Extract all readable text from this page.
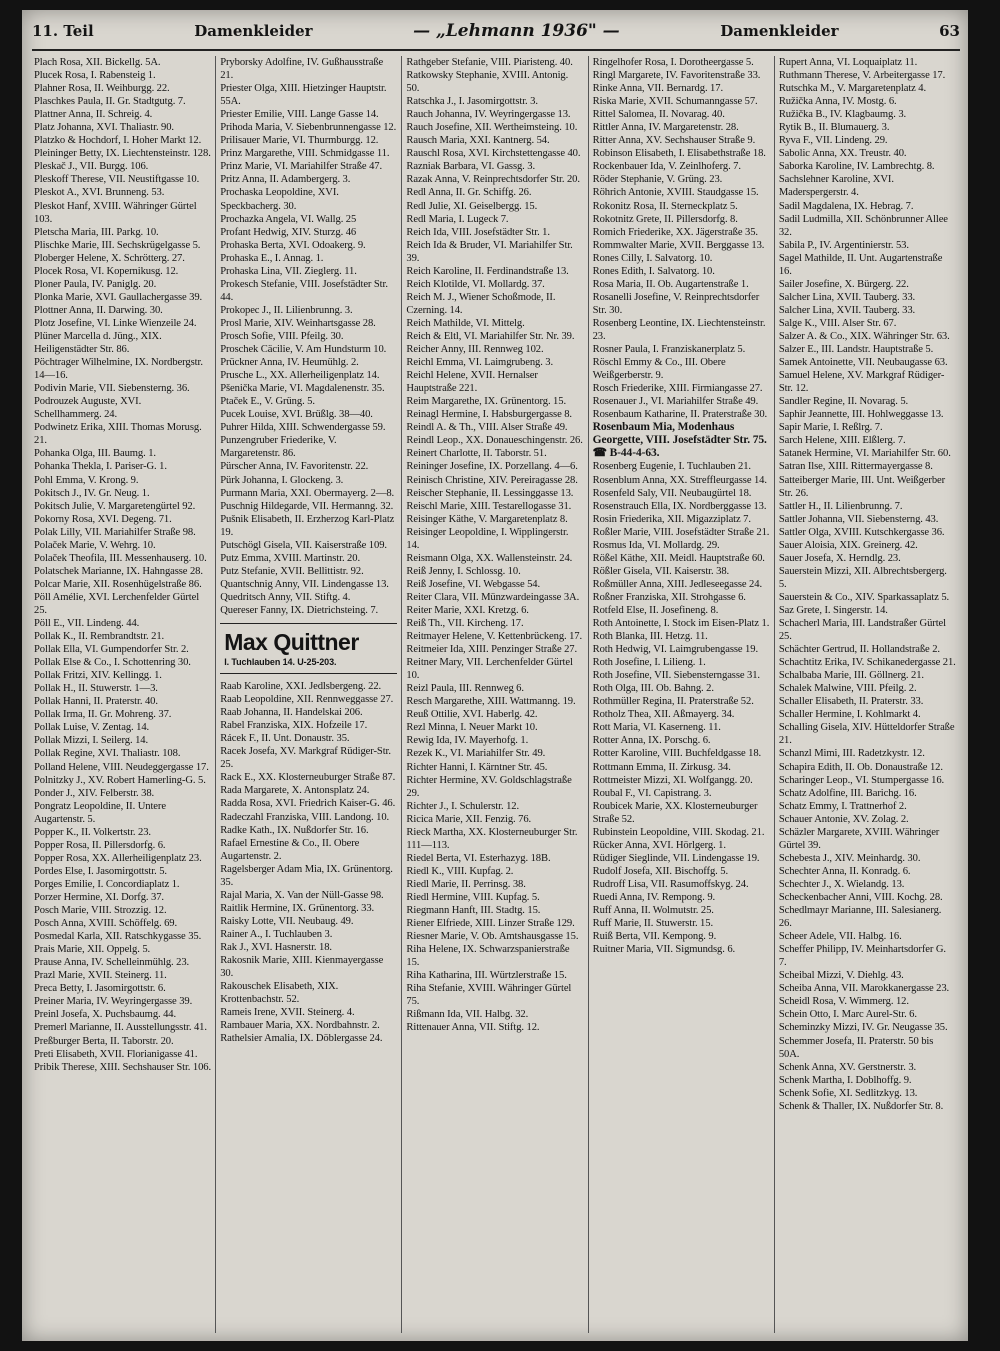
11. Teil	Damenkleider	— „Lehmann 1936" —	Damenkleider	63
Plach Rosa, XII. Bickellg. 5A.
Plucek Rosa, I. Rabensteig 1.
Plahner Rosa, II. Weihburgg. 22.
Plaschkes Paula, II. Gr. Stadtgutg. 7.
Plattner Anna, II. Schreig. 4.
Platz Johanna, XVI. Thaliastr. 90.
Platzko & Hochdorf, I. Hoher Markt 12.
Pleininger Betty, IX. Liechtensteinstr. 128.
Pleskač J., VII. Burgg. 106.
Pleskoff Therese, VII. Neustiftgasse 10.
Pleskot A., XVI. Brunneng. 53.
Pleskot Hanf, XVIII. Währinger Gürtel 103.
Pletscha Maria, III. Parkg. 10.
Plischke Marie, III. Sechskrügelgasse 5.
Ploberger Helene, X. Schrötterg. 27.
Plocek Rosa, VI. Kopernikusg. 12.
Ploner Paula, IV. Paniglg. 20.
Plonka Marie, XVI. Gaullachergasse 39.
Plottner Anna, II. Darwing. 30.
Plotz Josefine, VI. Linke Wienzeile 24.
Plüner Marcella d. Jüng., XIX. Heiligenstädter Str. 86.
Pöchtrager Wilhelmine, IX. Nordbergstr. 14—16.
Podivin Marie, VII. Siebensterng. 36.
Podrouzek Auguste, XVI. Schellhammerg. 24.
Podwinetz Erika, XIII. Thomas Morusg. 21.
Pohanka Olga, III. Baumg. 1.
Pohanka Thekla, I. Pariser-G. 1.
Pohl Emma, V. Krong. 9.
Pokitsch J., IV. Gr. Neug. 1.
Pokitsch Julie, V. Margaretengürtel 92.
Pokorny Rosa, XVI. Degeng. 71.
Polak Lilly, VII. Mariahilfer Straße 98.
Polaček Marie, V. Wehrg. 10.
Polaček Theofila, III. Messenhauserg. 10.
Polatschek Marianne, IX. Hahngasse 28.
Polcar Marie, XII. Rosenhügelstraße 86.
Pöll Amélie, XVI. Lerchenfelder Gürtel 25.
Pöll E., VII. Lindeng. 44.
Pollak K., II. Rembrandtstr. 21.
Pollak Ella, VI. Gumpendorfer Str. 2.
Pollak Else & Co., I. Schottenring 30.
Pollak Fritzi, XIV. Kellingg. 1.
Pollak H., II. Stuwerstr. 1—3.
Pollak Hanni, II. Praterstr. 40.
Pollak Irma, II. Gr. Mohreng. 37.
Pollak Luise, V. Zentag. 14.
Pollak Mizzi, I. Seilerg. 14.
Pollak Regine, XVI. Thaliastr. 108.
Polland Helene, VIII. Neudeggergasse 17.
Polnitzky J., XV. Robert Hamerling-G. 5.
Ponder J., XIV. Felberstr. 38.
Pongratz Leopoldine, II. Untere Augartenstr. 5.
Popper K., II. Volkertstr. 23.
Popper Rosa, II. Pillersdorfg. 6.
Popper Rosa, XX. Allerheiligenplatz 23.
Pordes Else, I. Jasomirgottstr. 5.
Porges Emilie, I. Concordiaplatz 1.
Porzer Hermine, XI. Dorfg. 37.
Posch Marie, VIII. Strozzig. 12.
Posch Anna, XVIII. Schöffelg. 69.
Posmedal Karla, XII. Ratschkygasse 35.
Prais Marie, XII. Oppelg. 5.
Prause Anna, IV. Schelleinmühlg. 23.
Prazl Marie, XVII. Steinerg. 11.
Preca Betty, I. Jasomirgottstr. 6.
Preiner Maria, IV. Weyringergasse 39.
Preinl Josefa, X. Puchsbaumg. 44.
Premerl Marianne, II. Ausstellungsstr. 41.
Preßburger Berta, II. Taborstr. 20.
Preti Elisabeth, XVII. Florianigasse 41.
Pribik Therese, XIII. Sechshauser Str. 106.
Pryborsky Adolfine, IV. Gußhausstraße 21.
Priester Olga, XIII. Hietzinger Hauptstr. 55A.
Priester Emilie, VIII. Lange Gasse 14.
Prihoda Maria, V. Siebenbrunnengasse 12.
Prilisauer Marie, VI. Thurmburgg. 12.
Prinz Margarethe, VIII. Schmidgasse 11.
Prinz Marie, VI. Mariahilfer Straße 47.
Pritz Anna, II. Adambergerg. 3.
Prochaska Leopoldine, XVI. Speckbacherg. 30.
Prochazka Angela, VI. Wallg. 25
Profant Hedwig, XIV. Sturzg. 46
Prohaska Berta, XVI. Odoakerg. 9.
Prohaska E., I. Annag. 1.
Prohaska Lina, VII. Zieglerg. 11.
Prokesch Stefanie, VIII. Josefstädter Str. 44.
Prokopec J., II. Lilienbrunng. 3.
Prosl Marie, XIV. Weinhartsgasse 28.
Prosch Sofie, VIII. Pfeilg. 30.
Proschek Cäcilie, V. Am Hundsturm 10.
Prückner Anna, IV. Heumühlg. 2.
Prusche L., XX. Allerheiligenplatz 14.
Pšenička Marie, VI. Magdalenenstr. 35.
Ptaček E., V. Grüng. 5.
Pucek Louise, XVI. Brüßlg. 38—40.
Puhrer Hilda, XIII. Schwendergasse 59.
Punzengruber Friederike, V. Margaretenstr. 86.
Pürscher Anna, IV. Favoritenstr. 22.
Pürk Johanna, I. Glockeng. 3.
Purmann Maria, XXI. Obermayerg. 2—8.
Puschnig Hildegarde, VII. Hermanng. 32.
Pušnik Elisabeth, II. Erzherzog Karl-Platz 19.
Putschögl Gisela, VII. Kaiserstraße 109.
Putz Emma, XVIII. Martinstr. 20.
Putz Stefanie, XVII. Bellittistr. 92.
Quantschnig Anny, VII. Lindengasse 13.
Quedritsch Anny, VII. Stiftg. 4.
Quereser Fanny, IX. Dietrichsteing. 7.
Max Quittner
I. Tuchlauben 14. U-25-203.
Raab Karoline, XXI. Jedlsbergeng. 22.
Raab Leopoldine, XII. Rennweggasse 27.
Raab Johanna, II. Handelskai 206.
Rabel Franziska, XIX. Hofzeile 17.
Rácek F., II. Unt. Donaustr. 35.
Racek Josefa, XV. Markgraf Rüdiger-Str. 25.
Rack E., XX. Klosterneuburger Straße 87.
Rada Margarete, X. Antonsplatz 24.
Radda Rosa, XVI. Friedrich Kaiser-G. 46.
Radeczahl Franziska, VIII. Landong. 10.
Radke Kath., IX. Nußdorfer Str. 16.
Rafael Ernestine & Co., II. Obere Augartenstr. 2.
Ragelsberger Adam Mia, IX. Grünentorg. 35.
Rajal Maria, X. Van der Nüll-Gasse 98.
Raitlik Hermine, IX. Grünentorg. 33.
Raisky Lotte, VII. Neubaug. 49.
Rainer A., I. Tuchlauben 3.
Rak J., XVI. Hasnerstr. 18.
Rakosnik Marie, XIII. Kienmayergasse 30.
Rakouschek Elisabeth, XIX. Krottenbachstr. 52.
Rameis Irene, XVII. Steinerg. 4.
Rambauer Maria, XX. Nordbahnstr. 2.
Rathelsier Amalia, IX. Döblergasse 24.
Rathgeber Stefanie, VIII. Piaristeng. 40.
Ratkowsky Stephanie, XVIII. Antonig. 50.
Ratschka J., I. Jasomirgottstr. 3.
Rauch Johanna, IV. Weyringergasse 13.
Rauch Josefine, XII. Wertheimsteing. 10.
Rausch Maria, XXI. Kantnerg. 54.
Rauschl Rosa, XVI. Kirchstettengasse 40.
Razniak Barbara, VI. Gassg. 3.
Razak Anna, V. Reinprechtsdorfer Str. 20.
Redl Anna, II. Gr. Schiffg. 26.
Redl Julie, XI. Geiselbergg. 15.
Redl Maria, I. Lugeck 7.
Reich Ida, VIII. Josefstädter Str. 1.
Reich Ida & Bruder, VI. Mariahilfer Str. 39.
Reich Karoline, II. Ferdinandstraße 13.
Reich Klotilde, VI. Mollardg. 37.
Reich M. J., Wiener Schoßmode, II. Czerning. 14.
Reich Mathilde, VI. Mittelg.
Reich & Eltl, VI. Mariahilfer Str. Nr. 39.
Reicher Anny, III. Rennweg 102.
Reichl Emma, VI. Laimgrubeng. 3.
Reichl Helene, XVII. Hernalser Hauptstraße 221.
Reim Margarethe, IX. Grünentorg. 15.
Reinagl Hermine, I. Habsburgergasse 8.
Reindl A. & Th., VIII. Alser Straße 49.
Reindl Leop., XX. Donaueschingenstr. 26.
Reinert Charlotte, II. Taborstr. 51.
Reininger Josefine, IX. Porzellang. 4—6.
Reinisch Christine, XIV. Pereiragasse 28.
Reischer Stephanie, II. Lessinggasse 13.
Reischl Marie, XIII. Testarellogasse 31.
Reisinger Käthe, V. Margaretenplatz 8.
Reisinger Leopoldine, I. Wipplingerstr. 14.
Reismann Olga, XX. Wallensteinstr. 24.
Reiß Jenny, I. Schlossg. 10.
Reiß Josefine, VI. Webgasse 54.
Reiter Clara, VII. Münzwardeingasse 3A.
Reiter Marie, XXI. Kretzg. 6.
Reiß Th., VII. Kircheng. 17.
Reitmayer Helene, V. Kettenbrückeng. 17.
Reitmeier Ida, XIII. Penzinger Straße 27.
Reitner Mary, VII. Lerchenfelder Gürtel 10.
Reizl Paula, III. Rennweg 6.
Resch Margarethe, XIII. Wattmanng. 19.
Reuß Ottilie, XVI. Haberlg. 42.
Rezl Minna, I. Neuer Markt 10.
Rewig Ida, IV. Mayerhofg. 1.
Rezek K., VI. Mariahilfer Str. 49.
Richter Hanni, I. Kärntner Str. 45.
Richter Hermine, XV. Goldschlagstraße 29.
Richter J., I. Schulerstr. 12.
Ricica Marie, XII. Fenzig. 76.
Rieck Martha, XX. Klosterneuburger Str. 111—113.
Riedel Berta, VI. Esterhazyg. 18B.
Riedl K., VIII. Kupfag. 2.
Riedl Marie, II. Perrinsg. 38.
Riedl Hermine, VIII. Kupfag. 5.
Riegmann Hanft, III. Stadtg. 15.
Riener Elfriede, XIII. Linzer Straße 129.
Riesner Marie, V. Ob. Amtshausgasse 15.
Riha Helene, IX. Schwarzspanierstraße 15.
Riha Katharina, III. Würtzlerstraße 15.
Riha Stefanie, XVIII. Währinger Gürtel 75.
Rißmann Ida, VII. Halbg. 32.
Rittenauer Anna, VII. Stiftg. 12.
Ringelhofer Rosa, I. Dorotheergasse 5.
Ringl Margarete, IV. Favoritenstraße 33.
Rinke Anna, VII. Bernardg. 17.
Riska Marie, XVII. Schumanngasse 57.
Rittel Salomea, II. Novarag. 40.
Rittler Anna, IV. Margaretenstr. 28.
Ritter Anna, XV. Sechshauser Straße 9.
Robinson Elisabeth, I. Elisabethstraße 18.
Rockenbauer Ida, V. Zeinlhoferg. 7.
Röder Stephanie, V. Grüng. 23.
Röhrich Antonie, XVIII. Staudgasse 15.
Rokonitz Rosa, II. Sterneckplatz 5.
Rokotnitz Grete, II. Pillersdorfg. 8.
Romich Friederike, XX. Jägerstraße 35.
Rommwalter Marie, XVII. Berggasse 13.
Rones Cilly, I. Salvatorg. 10.
Rones Edith, I. Salvatorg. 10.
Rosa Maria, II. Ob. Augartenstraße 1.
Rosanelli Josefine, V. Reinprechtsdorfer Str. 30.
Rosenberg Leontine, IX. Liechtensteinstr. 23.
Rosner Paula, I. Franziskanerplatz 5.
Röschl Emmy & Co., III. Obere Weißgerberstr. 9.
Rosch Friederike, XIII. Firmiangasse 27.
Rosenauer J., VI. Mariahilfer Straße 49.
Rosenbaum Katharine, II. Praterstraße 30.
Rosenbaum Mia, Modenhaus Georgette, VIII. Josefstädter Str. 75. ☎ B-44-4-63.
Rosenberg Eugenie, I. Tuchlauben 21.
Rosenblum Anna, XX. Streffleurgasse 14.
Rosenfeld Saly, VII. Neubaugürtel 18.
Rosenstrauch Ella, IX. Nordberggasse 13.
Rosin Friederika, XII. Migazziplatz 7.
Roßler Marie, VIII. Josefstädter Straße 21.
Rosmus Ida, VI. Mollardg. 29.
Rößel Käthe, XII. Meidl. Hauptstraße 60.
Rößler Gisela, VII. Kaiserstr. 38.
Roßmüller Anna, XIII. Jedleseegasse 24.
Roßner Franziska, XII. Strohgasse 6.
Rotfeld Else, II. Josefineng. 8.
Roth Antoinette, I. Stock im Eisen-Platz 1.
Roth Blanka, III. Hetzg. 11.
Roth Hedwig, VI. Laimgrubengasse 19.
Roth Josefine, I. Lilieng. 1.
Roth Josefine, VII. Siebensterngasse 31.
Roth Olga, III. Ob. Bahng. 2.
Rothmüller Regina, II. Praterstraße 52.
Rotholz Thea, XII. Aßmayerg. 34.
Rott Maria, VI. Kaserneng. 11.
Rotter Anna, IX. Porschg. 6.
Rotter Karoline, VIII. Buchfeldgasse 18.
Rottmann Emma, II. Zirkusg. 34.
Rottmeister Mizzi, XI. Wolfgangg. 20.
Roubal F., VI. Capistrang. 3.
Roubicek Marie, XX. Klosterneuburger Straße 52.
Rubinstein Leopoldine, VIII. Skodag. 21.
Rücker Anna, XVI. Hörlgerg. 1.
Rüdiger Sieglinde, VII. Lindengasse 19.
Rudolf Josefa, XII. Bischoffg. 5.
Rudroff Lisa, VII. Rasumoffskyg. 24.
Ruedi Anna, IV. Rempong. 9.
Ruff Anna, II. Wolmutstr. 25.
Ruff Marie, II. Stuwerstr. 15.
Ruiß Berta, VII. Kempong. 9.
Ruitner Maria, VII. Sigmundsg. 6.
Rupert Anna, VI. Loquaiplatz 11.
Ruthmann Therese, V. Arbeitergasse 17.
Rutschka M., V. Margaretenplatz 4.
Ružička Anna, IV. Mostg. 6.
Ružička B., IV. Klagbaumg. 3.
Rytik B., II. Blumauerg. 3.
Ryva F., VII. Lindeng. 29.
Sabolic Anna, XX. Treustr. 40.
Saborka Karoline, IV. Lambrechtg. 8.
Sachslehner Karoline, XVI. Maderspergerstr. 4.
Sadil Magdalena, IX. Hebrag. 7.
Sadil Ludmilla, XII. Schönbrunner Allee 32.
Sabila P., IV. Argentinierstr. 53.
Sagel Mathilde, II. Unt. Augartenstraße 16.
Sailer Josefine, X. Bürgerg. 22.
Salcher Lina, XVII. Tauberg. 33.
Salcher Lina, XVII. Tauberg. 33.
Salge K., VIII. Alser Str. 67.
Salzer A. & Co., XIX. Währinger Str. 63.
Salzer E., III. Landstr. Hauptstraße 5.
Samek Antoinette, VII. Neubaugasse 63.
Samuel Helene, XV. Markgraf Rüdiger-Str. 12.
Sandler Regine, II. Novarag. 5.
Saphir Jeannette, III. Hohlweggasse 13.
Sapir Marie, I. Reßlrg. 7.
Sarch Helene, XIII. Elßlerg. 7.
Satanek Hermine, VI. Mariahilfer Str. 60.
Satran Ilse, XIII. Rittermayergasse 8.
Satteiberger Marie, III. Unt. Weißgerber Str. 26.
Sattler H., II. Lilienbrunng. 7.
Sattler Johanna, VII. Siebensterng. 43.
Sattler Olga, XVIII. Kutschkergasse 36.
Sauer Aloisia, XIX. Greinerg. 42.
Sauer Josefa, X. Herndlg. 23.
Sauerstein Mizzi, XII. Albrechtsbergerg. 5.
Sauerstein & Co., XIV. Sparkassaplatz 5.
Saz Grete, I. Singerstr. 14.
Schacherl Maria, III. Landstraßer Gürtel 25.
Schächter Gertrud, II. Hollandstraße 2.
Schachtitz Erika, IV. Schikanedergasse 21.
Schalbaba Marie, III. Göllnerg. 21.
Schalek Malwine, VIII. Pfeilg. 2.
Schaller Elisabeth, II. Praterstr. 33.
Schaller Hermine, I. Kohlmarkt 4.
Schalling Gisela, XIV. Hütteldorfer Straße 21.
Schanzl Mimi, III. Radetzkystr. 12.
Schapira Edith, II. Ob. Donaustraße 12.
Scharinger Leop., VI. Stumpergasse 16.
Schatz Adolfine, III. Barichg. 16.
Schatz Emmy, I. Trattnerhof 2.
Schauer Antonie, XV. Zolag. 2.
Schäzler Margarete, XVIII. Währinger Gürtel 39.
Schebesta J., XIV. Meinhardg. 30.
Schechter Anna, II. Konradg. 6.
Schechter J., X. Wielandg. 13.
Scheckenbacher Anni, VIII. Kochg. 28.
Schedlmayr Marianne, III. Salesianerg. 26.
Scheer Adele, VII. Halbg. 16.
Scheffer Philipp, IV. Meinhartsdorfer G. 7.
Scheibal Mizzi, V. Diehlg. 43.
Scheiba Anna, VII. Marokkanergasse 23.
Scheidl Rosa, V. Wimmerg. 12.
Schein Otto, I. Marc Aurel-Str. 6.
Scheminzky Mizzi, IV. Gr. Neugasse 35.
Schemmer Josefa, II. Praterstr. 50 bis 50A.
Schenk Anna, XV. Gerstnerstr. 3.
Schenk Martha, I. Doblhoffg. 9.
Schenk Sofie, XI. Sedlitzkyg. 13.
Schenk & Thaller, IX. Nußdorfer Str. 8.
